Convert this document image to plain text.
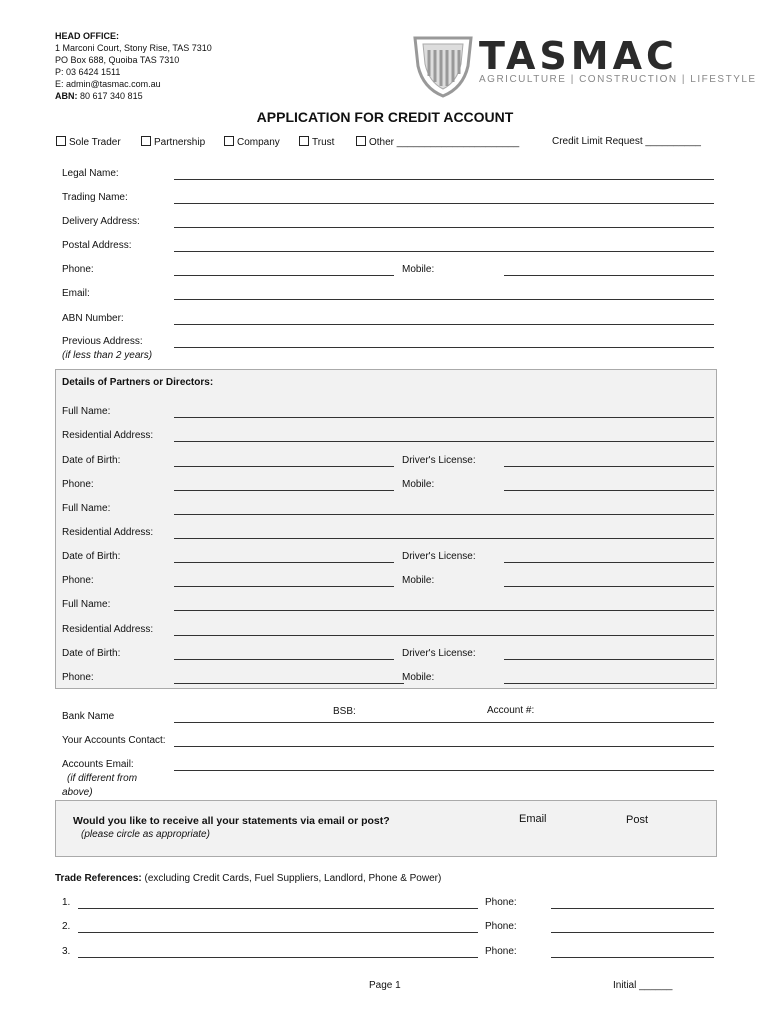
HEAD OFFICE:
1 Marconi Court, Stony Rise, TAS 7310
PO Box 688, Quoiba TAS 7310
P: 03 6424 1511
E: admin@tasmac.com.au
ABN: 80 617 340 815
TASMAC
AGRICULTURE | CONSTRUCTION | LIFESTYLE
APPLICATION FOR CREDIT ACCOUNT
Sole Trader	Partnership	Company	Trust	Other ______________________	Credit Limit Request __________
Legal Name:
Trading Name:
Delivery Address:
Postal Address:
Phone:	Mobile:
Email:
ABN Number:
Previous Address:
(if less than 2 years)
Details of Partners or Directors:
Full Name:
Residential Address:
Date of Birth:	Driver's License:
Phone:	Mobile:
Full Name:
Residential Address:
Date of Birth:	Driver's License:
Phone:	Mobile:
Full Name:
Residential Address:
Date of Birth:	Driver's License:
Phone:	Mobile:
Bank Name	BSB:	Account #:
Your Accounts Contact:
Accounts Email:
(if different from
above)
Would you like to receive all your statements via email or post?
(please circle as appropriate)
Email	Post
Trade References: (excluding Credit Cards, Fuel Suppliers, Landlord, Phone & Power)
1.	Phone:
2.	Phone:
3.	Phone:
Page 1	Initial ______
